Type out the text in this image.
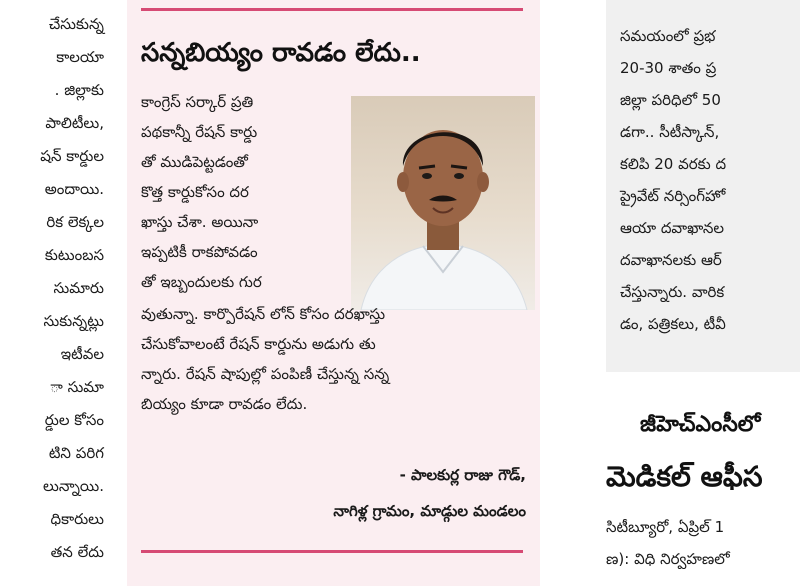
చేసుకున్న
కాలయా
. జిల్లాకు
పాలిటీలు,
షన్ కార్డుల
అందాయి.
రిక లెక్కల
కుటుంబస
సుమారు
సుకున్నట్లు
ఇటీవల
ా సుమా
ర్డుల కోసం
టిని పరిగ
లున్నాయి.
ధికారులు
తన లేదు
సన్నబియ్యం రావడం లేదు..
కాంగ్రెస్ సర్కార్ ప్రతి
పథకాన్నీ రేషన్ కార్డు
తో ముడిపెట్టడంతో
కొత్త కార్డుకోసం దర
ఖాస్తు చేశా. అయినా
ఇప్పటికీ రాకపోవడం
తో ఇబ్బందులకు గుర
వుతున్నా. కార్పొరేషన్ లోన్ కోసం దరఖాస్తు
చేసుకోవాలంటే రేషన్ కార్డును అడుగు తు
న్నారు. రేషన్ షాపుల్లో పంపిణీ చేస్తున్న సన్న
బియ్యం కూడా రావడం లేదు.
- పాలకుర్ల రాజు గౌడ్,
నాగిళ్ల గ్రామం, మాడ్గుల మండలం
సమయంలో ప్రభ
20-30 శాతం ప్ర
జిల్లా పరిధిలో 50
డగా.. సీటీస్కాన్,
కలిపి 20 వరకు ద
ప్రైవేట్ నర్సింగ్‌హో
ఆయా దవాఖానల
దవాఖానలకు ఆర్
చేస్తున్నారు. వారిక
డం, పత్రికలు, టీవీ
జీహెచ్‌ఎంసీలో
మెడికల్ ఆఫీస
సిటీబ్యూరో, ఏప్రిల్ 1
ణ): విధి నిర్వహణలో
